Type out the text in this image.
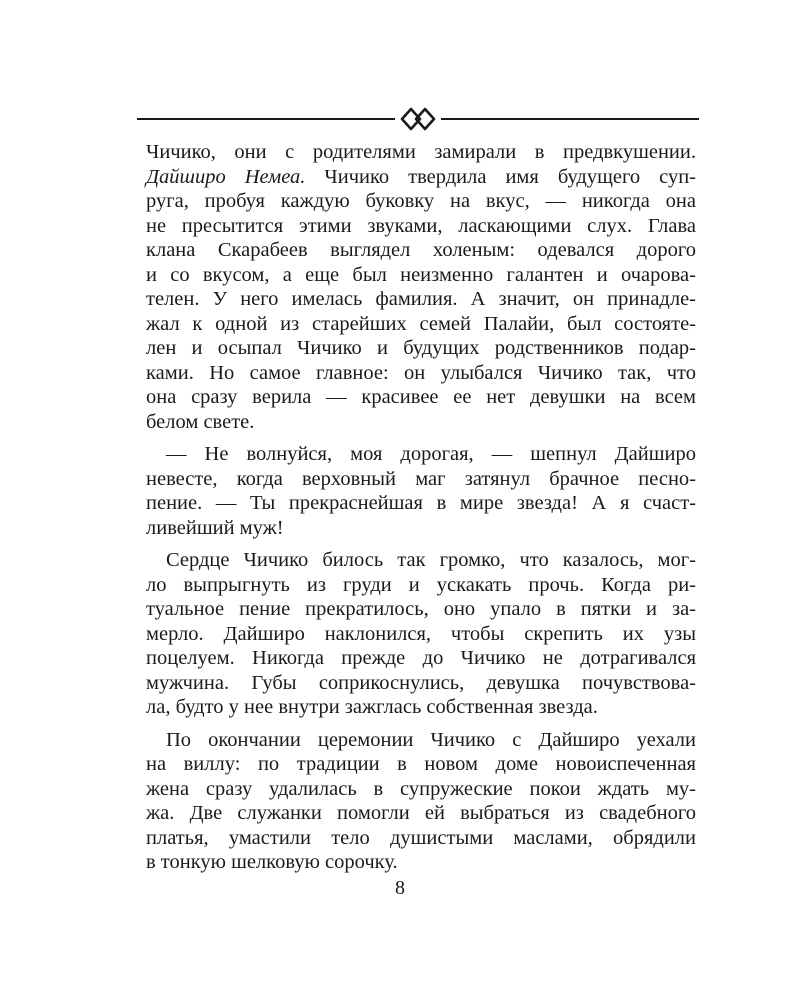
Чичико, они с родителями замирали в предвкушении.
Дайширо Немеа. Чичико твердила имя будущего суп-
руга, пробуя каждую буковку на вкус, — никогда она
не пресытится этими звуками, ласкающими слух. Глава
клана Скарабеев выглядел холеным: одевался дорого
и со вкусом, а еще был неизменно галантен и очарова-
телен. У него имелась фамилия. А значит, он принадле-
жал к одной из старейших семей Палайи, был состояте-
лен и осыпал Чичико и будущих родственников подар-
ками. Но самое главное: он улыбался Чичико так, что
она сразу верила — красивее ее нет девушки на всем
белом свете.

— Не волнуйся, моя дорогая, — шепнул Дайширо
невесте, когда верховный маг затянул брачное песно-
пение. — Ты прекраснейшая в мире звезда! А я счаст-
ливейший муж!

Сердце Чичико билось так громко, что казалось, мог-
ло выпрыгнуть из груди и ускакать прочь. Когда ри-
туальное пение прекратилось, оно упало в пятки и за-
мерло. Дайширо наклонился, чтобы скрепить их узы
поцелуем. Никогда прежде до Чичико не дотрагивался
мужчина. Губы соприкоснулись, девушка почувствова-
ла, будто у нее внутри зажглась собственная звезда.

По окончании церемонии Чичико с Дайширо уехали
на виллу: по традиции в новом доме новоиспеченная
жена сразу удалилась в супружеские покои ждать му-
жа. Две служанки помогли ей выбраться из свадебного
платья, умастили тело душистыми маслами, обрядили
в тонкую шелковую сорочку.

8
